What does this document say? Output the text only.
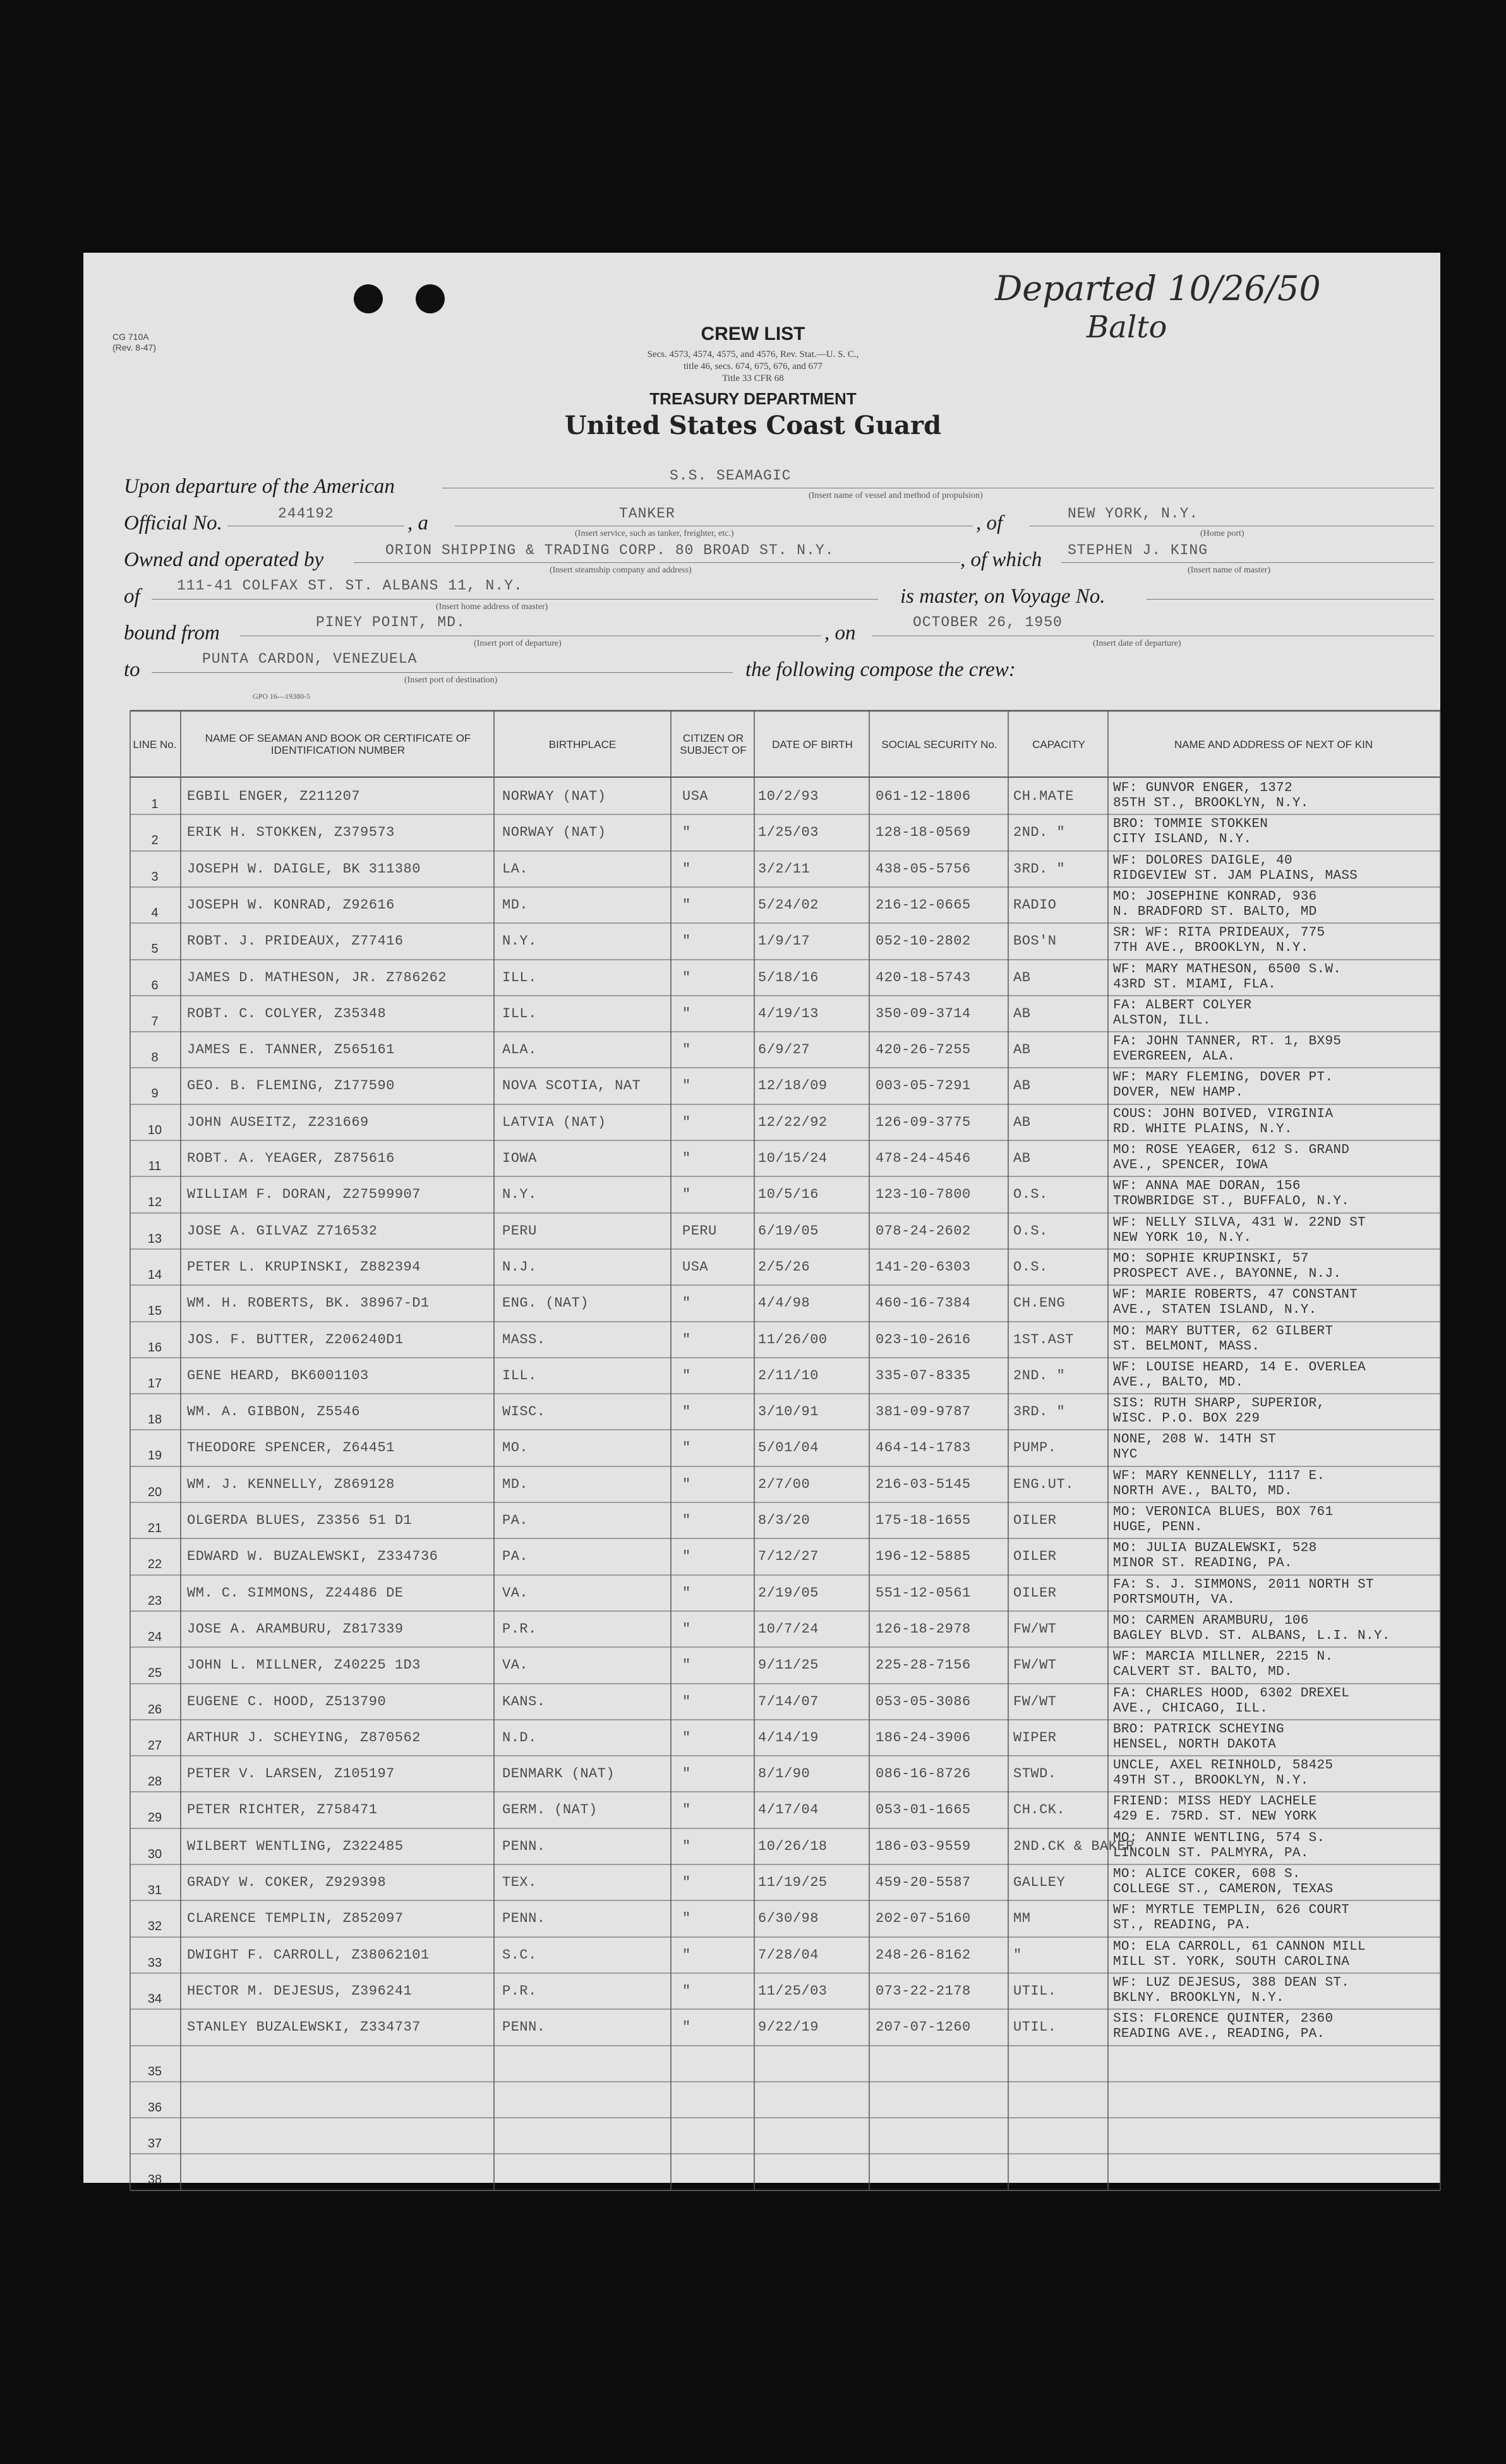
Departed 10/26/50
Balto
CG 710A
(Rev. 8-47)
CREW LIST
Secs. 4573, 4574, 4575, and 4576, Rev. Stat.—U. S. C.,
title 46, secs. 674, 675, 676, and 677
Title 33 CFR 68
TREASURY DEPARTMENT
United States Coast Guard
Upon departure of the American	S.S. SEAMAGIC
(Insert name of vessel and method of propulsion)
Official No.	244192	, a	TANKER
(Insert service, such as tanker, freighter, etc.)	, of	NEW YORK, N.Y.
(Home port)
Owned and operated by	ORION SHIPPING & TRADING CORP. 80 BROAD ST. N.Y.
(Insert steamship company and address)	, of which STEPHEN J. KING
(Insert name of master)
of	111-41 COLFAX ST. ST. ALBANS 11, N.Y.
(Insert home address of master)	is master, on Voyage No.
bound from	PINEY POINT, MD.
(Insert port of departure)	, on	OCTOBER 26, 1950
(Insert date of departure)
to	PUNTA CARDON, VENEZUELA
(Insert port of destination)	the following compose the crew:
GPO 16—19380-5
LINE No.	NAME OF SEAMAN AND BOOK OR CERTIFICATE OF IDENTIFICATION NUMBER	BIRTHPLACE	CITIZEN OR SUBJECT OF	DATE OF BIRTH	SOCIAL SECURITY No.	CAPACITY	NAME AND ADDRESS OF NEXT OF KIN
1	EGBIL ENGER, Z211207	NORWAY (NAT)	USA	10/2/93	061-12-1806	CH.MATE
WF: GUNVOR ENGER, 1372
85TH ST., BROOKLYN, N.Y.
2	ERIK H. STOKKEN, Z379573	NORWAY (NAT)	"	1/25/03	128-18-0569	2ND. "
BRO: TOMMIE STOKKEN
CITY ISLAND, N.Y.
3	JOSEPH W. DAIGLE, BK 311380	LA.	"	3/2/11	438-05-5756	3RD. "
WF: DOLORES DAIGLE, 40
RIDGEVIEW ST. JAM PLAINS, MASS
4	JOSEPH W. KONRAD, Z92616	MD.	"	5/24/02	216-12-0665	RADIO
MO: JOSEPHINE KONRAD, 936
N. BRADFORD ST. BALTO, MD
5	ROBT. J. PRIDEAUX, Z77416	N.Y.	"	1/9/17	052-10-2802	BOS'N
SR: WF: RITA PRIDEAUX, 775
7TH AVE., BROOKLYN, N.Y.
6	JAMES D. MATHESON, JR. Z786262	ILL.	"	5/18/16	420-18-5743	AB
WF: MARY MATHESON, 6500 S.W.
43RD ST. MIAMI, FLA.
7	ROBT. C. COLYER, Z35348	ILL.	"	4/19/13	350-09-3714	AB
FA: ALBERT COLYER
ALSTON, ILL.
8	JAMES E. TANNER, Z565161	ALA.	"	6/9/27	420-26-7255	AB
FA: JOHN TANNER, RT. 1, BX95
EVERGREEN, ALA.
9	GEO. B. FLEMING, Z177590	NOVA SCOTIA, NAT	"	12/18/09	003-05-7291	AB
WF: MARY FLEMING, DOVER PT.
DOVER, NEW HAMP.
10	JOHN AUSEITZ, Z231669	LATVIA (NAT)	"	12/22/92	126-09-3775	AB
COUS: JOHN BOIVED, VIRGINIA
RD. WHITE PLAINS, N.Y.
11	ROBT. A. YEAGER, Z875616	IOWA	"	10/15/24	478-24-4546	AB
MO: ROSE YEAGER, 612 S. GRAND
AVE., SPENCER, IOWA
12	WILLIAM F. DORAN, Z27599907	N.Y.	"	10/5/16	123-10-7800	O.S.
WF: ANNA MAE DORAN, 156
TROWBRIDGE ST., BUFFALO, N.Y.
13	JOSE A. GILVAZ Z716532	PERU	PERU	6/19/05	078-24-2602	O.S.
WF: NELLY SILVA, 431 W. 22ND ST
NEW YORK 10, N.Y.
14	PETER L. KRUPINSKI, Z882394	N.J.	USA	2/5/26	141-20-6303	O.S.
MO: SOPHIE KRUPINSKI, 57
PROSPECT AVE., BAYONNE, N.J.
15	WM. H. ROBERTS, BK. 38967-D1	ENG. (NAT)	"	4/4/98	460-16-7384	CH.ENG
WF: MARIE ROBERTS, 47 CONSTANT
AVE., STATEN ISLAND, N.Y.
16	JOS. F. BUTTER, Z206240D1	MASS.	"	11/26/00	023-10-2616	1ST.AST
MO: MARY BUTTER, 62 GILBERT
ST. BELMONT, MASS.
17	GENE HEARD, BK6001103	ILL.	"	2/11/10	335-07-8335	2ND. "
WF: LOUISE HEARD, 14 E. OVERLEA
AVE., BALTO, MD.
18	WM. A. GIBBON, Z5546	WISC.	"	3/10/91	381-09-9787	3RD. "
SIS: RUTH SHARP, SUPERIOR,
WISC. P.O. BOX 229
19	THEODORE SPENCER, Z64451	MO.	"	5/01/04	464-14-1783	PUMP.
NONE, 208 W. 14TH ST
NYC
20	WM. J. KENNELLY, Z869128	MD.	"	2/7/00	216-03-5145	ENG.UT.
WF: MARY KENNELLY, 1117 E.
NORTH AVE., BALTO, MD.
21	OLGERDA BLUES, Z3356 51 D1	PA.	"	8/3/20	175-18-1655	OILER
MO: VERONICA BLUES, BOX 761
HUGE, PENN.
22	EDWARD W. BUZALEWSKI, Z334736	PA.	"	7/12/27	196-12-5885	OILER
MO: JULIA BUZALEWSKI, 528
MINOR ST. READING, PA.
23	WM. C. SIMMONS, Z24486 DE	VA.	"	2/19/05	551-12-0561	OILER
FA: S. J. SIMMONS, 2011 NORTH ST
PORTSMOUTH, VA.
24	JOSE A. ARAMBURU, Z817339	P.R.	"	10/7/24	126-18-2978	FW/WT
MO: CARMEN ARAMBURU, 106
BAGLEY BLVD. ST. ALBANS, L.I. N.Y.
25	JOHN L. MILLNER, Z40225 1D3	VA.	"	9/11/25	225-28-7156	FW/WT
WF: MARCIA MILLNER, 2215 N.
CALVERT ST. BALTO, MD.
26	EUGENE C. HOOD, Z513790	KANS.	"	7/14/07	053-05-3086	FW/WT
FA: CHARLES HOOD, 6302 DREXEL
AVE., CHICAGO, ILL.
27	ARTHUR J. SCHEYING, Z870562	N.D.	"	4/14/19	186-24-3906	WIPER
BRO: PATRICK SCHEYING
HENSEL, NORTH DAKOTA
28	PETER V. LARSEN, Z105197	DENMARK (NAT)	"	8/1/90	086-16-8726	STWD.
UNCLE, AXEL REINHOLD, 58425
49TH ST., BROOKLYN, N.Y.
29	PETER RICHTER, Z758471	GERM. (NAT)	"	4/17/04	053-01-1665	CH.CK.
FRIEND: MISS HEDY LACHELE
429 E. 75RD. ST. NEW YORK
30	WILBERT WENTLING, Z322485	PENN.	"	10/26/18	186-03-9559	2ND.CK & BAKER
MO: ANNIE WENTLING, 574 S.
LINCOLN ST. PALMYRA, PA.
31	GRADY W. COKER, Z929398	TEX.	"	11/19/25	459-20-5587	GALLEY
MO: ALICE COKER, 608 S.
COLLEGE ST., CAMERON, TEXAS
32	CLARENCE TEMPLIN, Z852097	PENN.	"	6/30/98	202-07-5160	MM
WF: MYRTLE TEMPLIN, 626 COURT
ST., READING, PA.
33	DWIGHT F. CARROLL, Z38062101	S.C.	"	7/28/04	248-26-8162	"
MO: ELA CARROLL, 61 CANNON MILL
MILL ST. YORK, SOUTH CAROLINA
34	HECTOR M. DEJESUS, Z396241	P.R.	"	11/25/03	073-22-2178	UTIL.
WF: LUZ DEJESUS, 388 DEAN ST.
BKLNY. BROOKLYN, N.Y.
STANLEY BUZALEWSKI, Z334737	PENN.	"	9/22/19	207-07-1260	UTIL.
SIS: FLORENCE QUINTER, 2360
READING AVE., READING, PA.
35
36
37
38
